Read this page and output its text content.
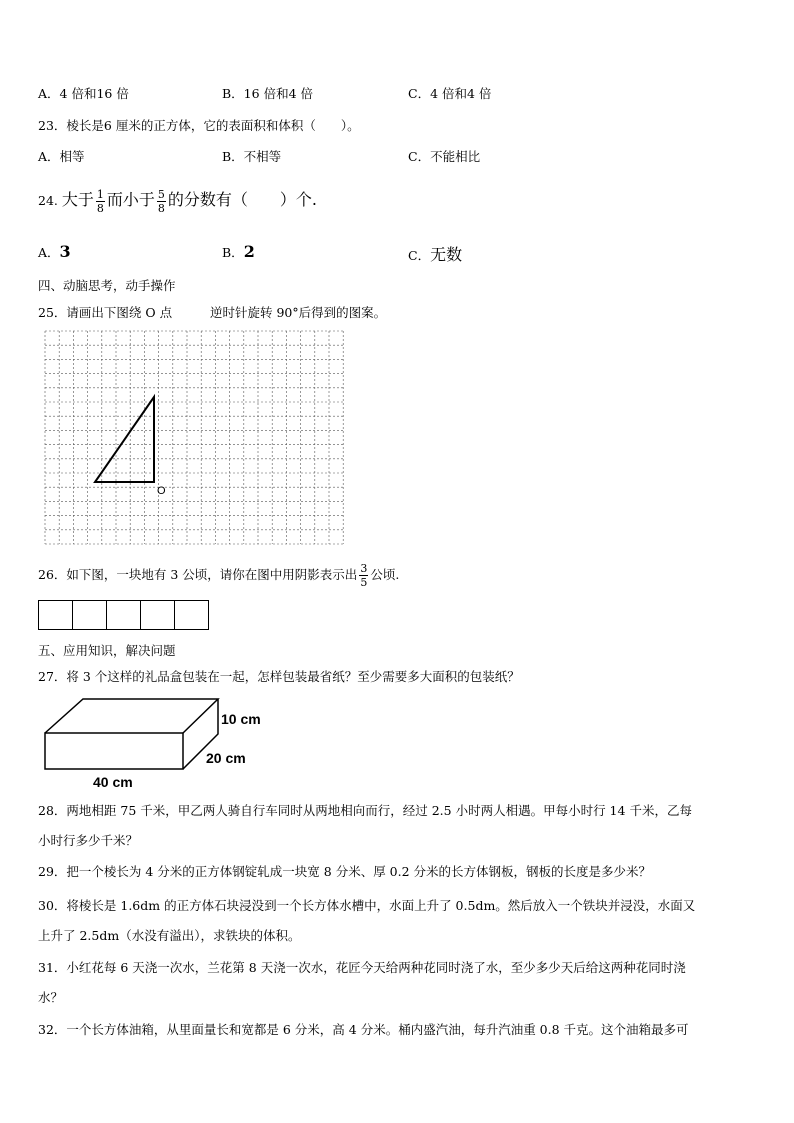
A．4 倍和16 倍	B．16 倍和4 倍	C．4 倍和4 倍
23．棱长是6 厘米的正方体，它的表面积和体积（　　）。
A．相等	B．不相等	C．不能相比
24. 大于 $\frac{1}{8}$ 而小于 $\frac{5}{8}$ 的分数有（　　）个.
A．3	B．2	C．无数
四、动脑思考，动手操作
25．请画出下图绕 O 点	逆时针旋转 90°后得到的图案。
O
26．如下图，一块地有 3 公顷，请你在图中用阴影表示出 $\frac{3}{5}$ 公顷.
五、应用知识，解决问题
27．将 3 个这样的礼品盒包装在一起，怎样包装最省纸？至少需要多大面积的包装纸？
10 cm
20 cm
40 cm
28．两地相距 75 千米，甲乙两人骑自行车同时从两地相向而行，经过 2.5 小时两人相遇。甲每小时行 14 千米，乙每
小时行多少千米？
29．把一个棱长为 4 分米的正方体钢锭轧成一块宽 8 分米、厚 0.2 分米的长方体钢板，钢板的长度是多少米？
30．将棱长是 1.6dm 的正方体石块浸没到一个长方体水槽中，水面上升了 0.5dm。然后放入一个铁块并浸没，水面又
上升了 2.5dm（水没有溢出），求铁块的体积。
31．小红花每 6 天浇一次水，兰花第 8 天浇一次水，花匠今天给两种花同时浇了水，至少多少天后给这两种花同时浇
水？
32．一个长方体油箱，从里面量长和宽都是 6 分米，高 4 分米。桶内盛汽油，每升汽油重 0.8 千克。这个油箱最多可
